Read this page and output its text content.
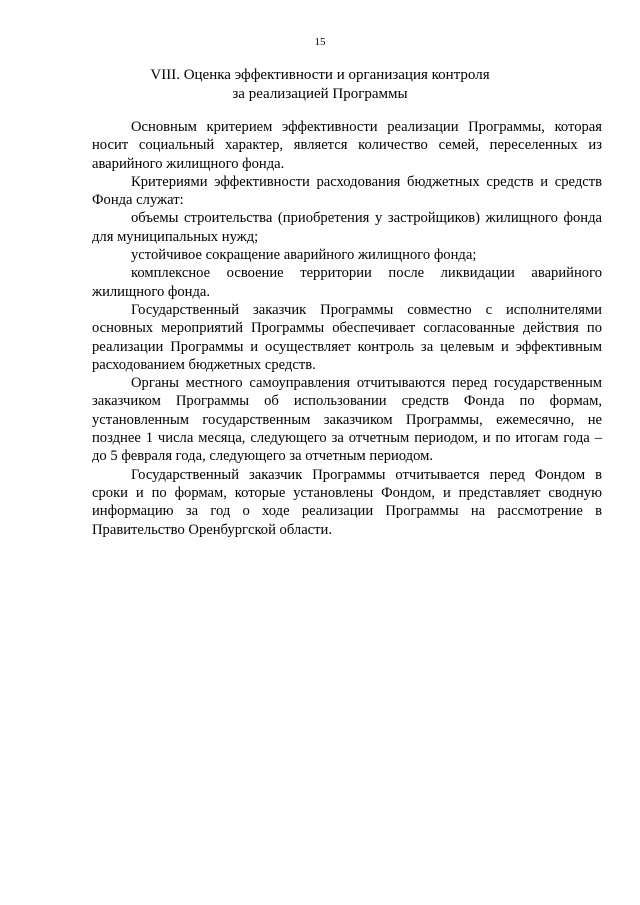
15
VIII. Оценка эффективности и организация контроля
за реализацией Программы

Основным критерием эффективности реализации Программы, которая носит социальный характер, является количество семей, переселенных из аварийного жилищного фонда.

Критериями эффективности расходования бюджетных средств и средств Фонда служат:

объемы строительства (приобретения у застройщиков) жилищного фонда для муниципальных нужд;

устойчивое сокращение аварийного жилищного фонда;

комплексное освоение территории после ликвидации аварийного жилищного фонда.

Государственный заказчик Программы совместно с исполнителями основных мероприятий Программы обеспечивает согласованные действия по реализации Программы и осуществляет контроль за целевым и эффективным расходованием бюджетных средств.

Органы местного самоуправления отчитываются перед государственным заказчиком Программы об использовании средств Фонда по формам, установленным государственным заказчиком Программы, ежемесячно, не позднее 1 числа месяца, следующего за отчетным периодом, и по итогам года – до 5 февраля года, следующего за отчетным периодом.

Государственный заказчик Программы отчитывается перед Фондом в сроки и по формам, которые установлены Фондом, и представляет сводную информацию за год о ходе реализации Программы на рассмотрение в Правительство Оренбургской области.
